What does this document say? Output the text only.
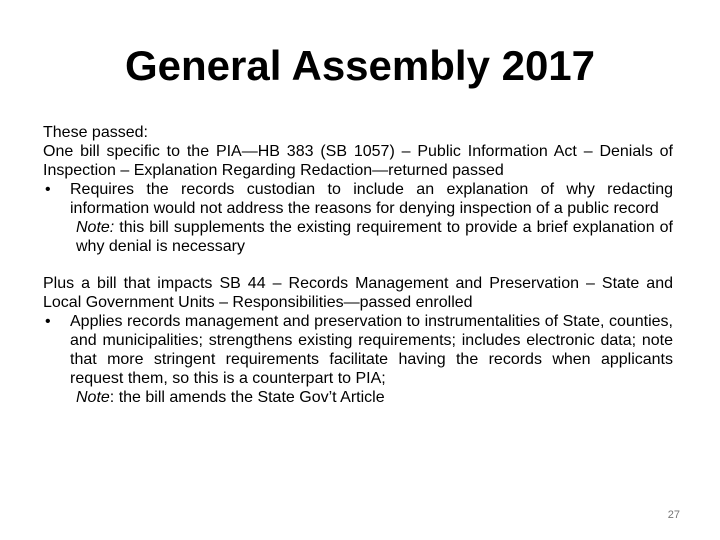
General Assembly 2017

These passed:

One bill specific to the PIA—HB 383 (SB 1057) – Public Information Act – Denials of Inspection – Explanation Regarding Redaction—returned passed

• Requires the records custodian to include an explanation of why redacting information would not address the reasons for denying inspection of a public record

Note: this bill supplements the existing requirement to provide a brief explanation of why denial is necessary

Plus a bill that impacts SB 44 – Records Management and Preservation – State and Local Government Units – Responsibilities—passed enrolled

• Applies records management and preservation to instrumentalities of State, counties, and municipalities; strengthens existing requirements; includes electronic data; note that more stringent requirements facilitate having the records when applicants request them, so this is a counterpart to PIA;

Note: the bill amends the State Gov’t Article

27
